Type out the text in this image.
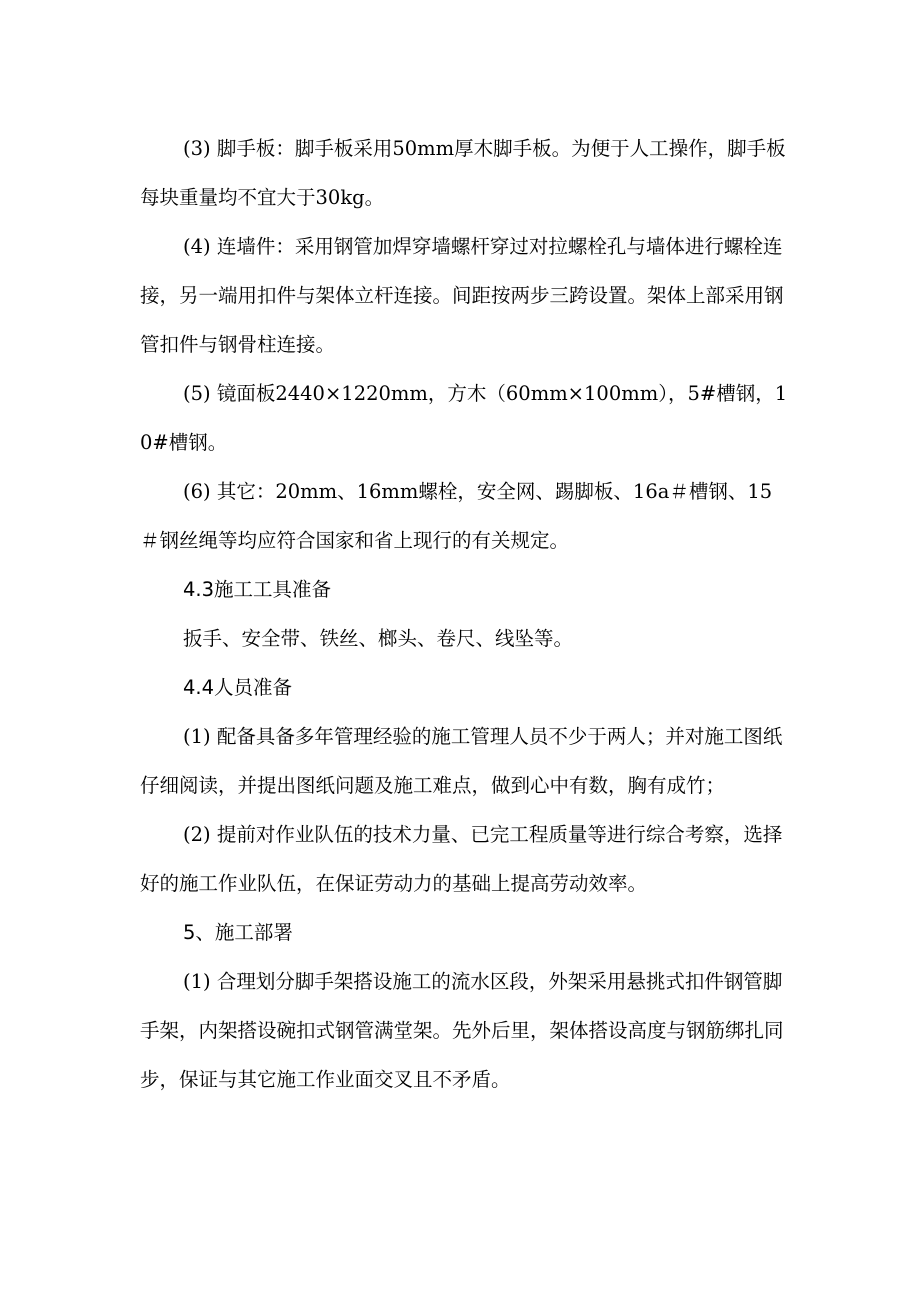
(3) 脚手板：脚手板采用50mm厚木脚手板。为便于人工操作，脚手板每块重量均不宜大于30kg。

(4) 连墙件：采用钢管加焊穿墙螺杆穿过对拉螺栓孔与墙体进行螺栓连接，另一端用扣件与架体立杆连接。间距按两步三跨设置。架体上部采用钢管扣件与钢骨柱连接。

(5) 镜面板2440×1220mm，方木（60mm×100mm），5#槽钢，10#槽钢。

(6) 其它：20mm、16mm螺栓，安全网、踢脚板、16a＃槽钢、15＃钢丝绳等均应符合国家和省上现行的有关规定。

4.3施工工具准备

扳手、安全带、铁丝、榔头、卷尺、线坠等。

4.4人员准备

(1) 配备具备多年管理经验的施工管理人员不少于两人；并对施工图纸仔细阅读，并提出图纸问题及施工难点，做到心中有数，胸有成竹；

(2) 提前对作业队伍的技术力量、已完工程质量等进行综合考察，选择好的施工作业队伍，在保证劳动力的基础上提高劳动效率。

5、施工部署

(1) 合理划分脚手架搭设施工的流水区段，外架采用悬挑式扣件钢管脚手架，内架搭设碗扣式钢管满堂架。先外后里，架体搭设高度与钢筋绑扎同步，保证与其它施工作业面交叉且不矛盾。
